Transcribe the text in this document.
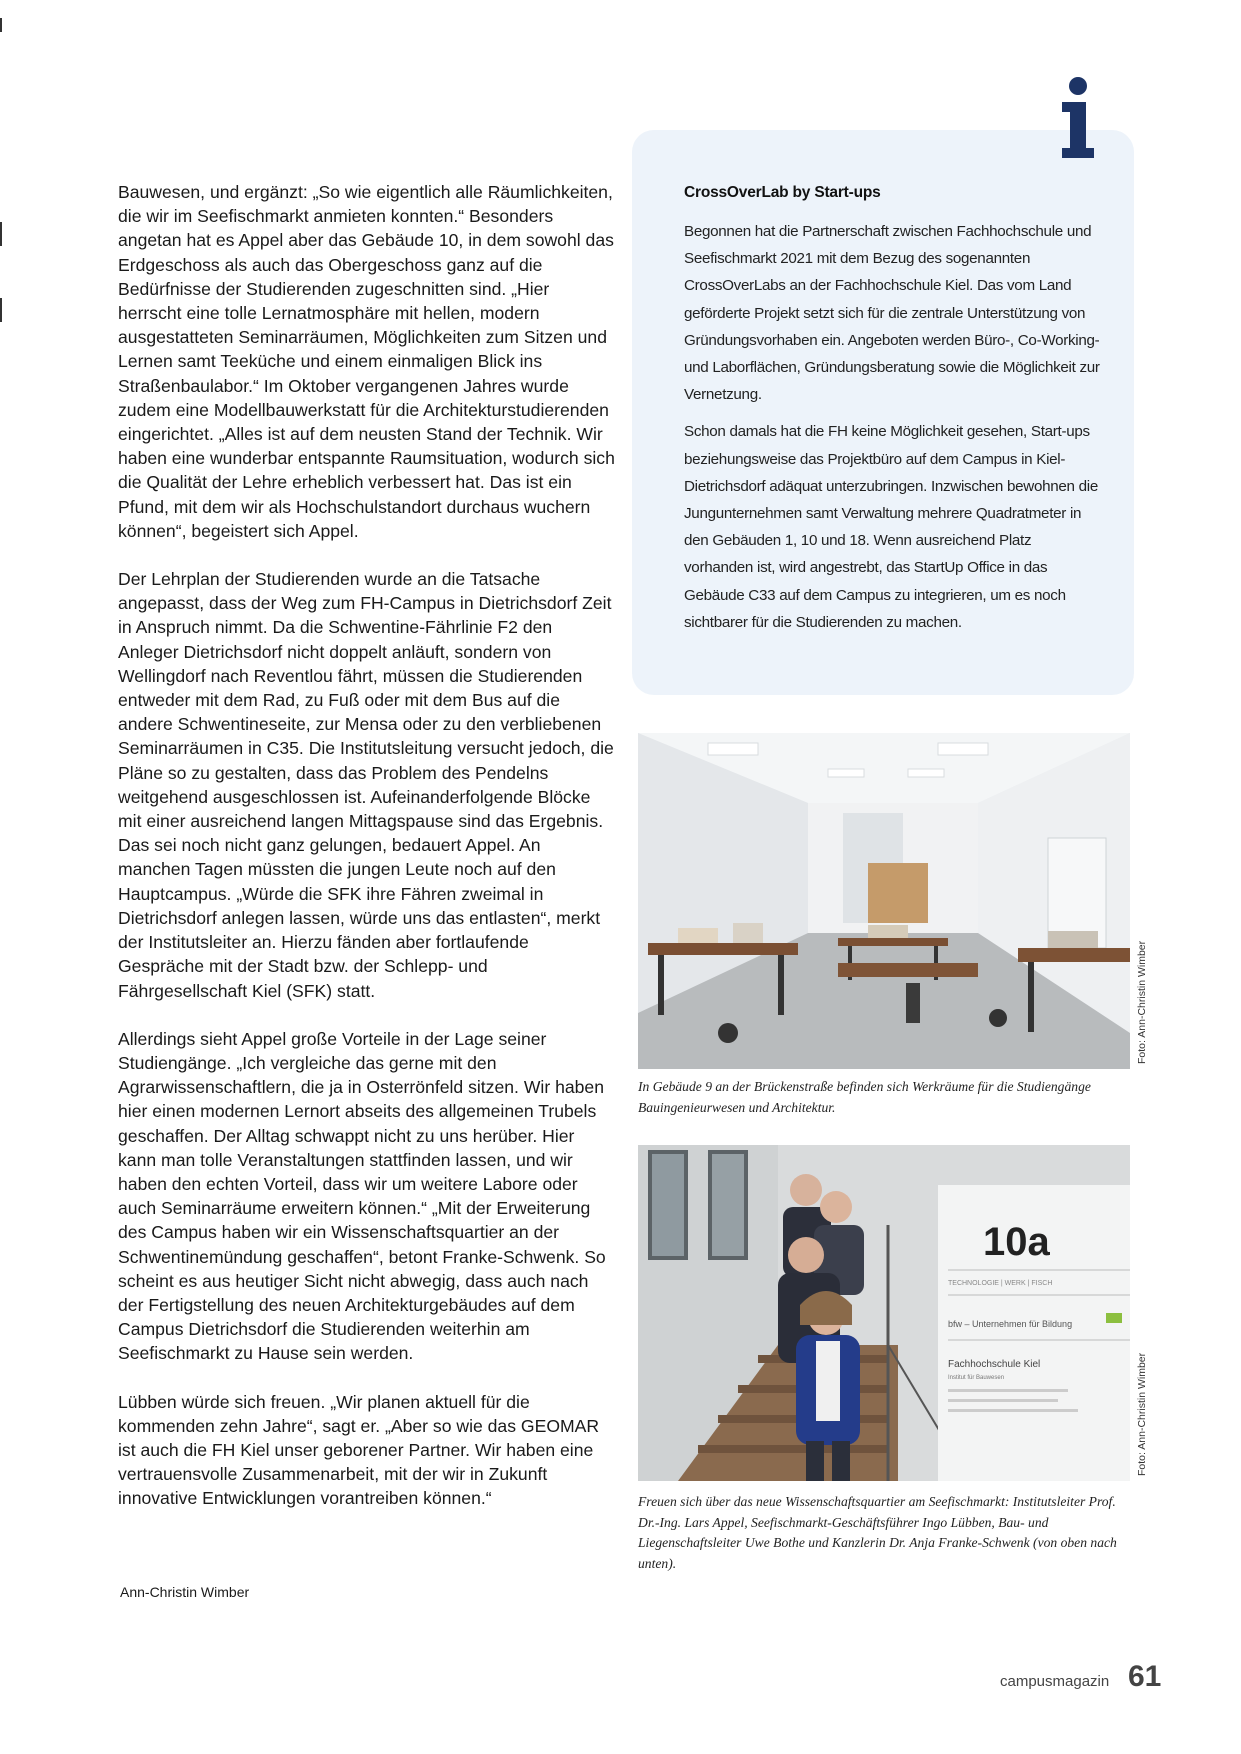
Bauwesen, und ergänzt: „So wie eigentlich alle Räumlichkeiten, die wir im Seefischmarkt anmieten konnten.“ Besonders angetan hat es Appel aber das Gebäude 10, in dem sowohl das Erdgeschoss als auch das Obergeschoss ganz auf die Bedürfnisse der Studierenden zugeschnitten sind. „Hier herrscht eine tolle Lernatmosphäre mit hellen, modern ausgestatteten Seminarräumen, Möglichkeiten zum Sitzen und Lernen samt Teeküche und einem einmaligen Blick ins Straßenbaulabor.“ Im Oktober vergangenen Jahres wurde zudem eine Modellbauwerkstatt für die Architekturstudierenden eingerichtet. „Alles ist auf dem neusten Stand der Technik. Wir haben eine wunderbar entspannte Raumsituation, wodurch sich die Qualität der Lehre erheblich verbessert hat. Das ist ein Pfund, mit dem wir als Hochschulstandort durchaus wuchern können“, begeistert sich Appel.

Der Lehrplan der Studierenden wurde an die Tatsache angepasst, dass der Weg zum FH-Campus in Dietrichsdorf Zeit in Anspruch nimmt. Da die Schwentine-Fährlinie F2 den Anleger Dietrichsdorf nicht doppelt anläuft, sondern von Wellingdorf nach Reventlou fährt, müssen die Studierenden entweder mit dem Rad, zu Fuß oder mit dem Bus auf die andere Schwentineseite, zur Mensa oder zu den verbliebenen Seminarräumen in C35. Die Institutsleitung versucht jedoch, die Pläne so zu gestalten, dass das Problem des Pendelns weitgehend ausgeschlossen ist. Aufeinanderfolgende Blöcke mit einer ausreichend langen Mittagspause sind das Ergebnis. Das sei noch nicht ganz gelungen, bedauert Appel. An manchen Tagen müssten die jungen Leute noch auf den Hauptcampus. „Würde die SFK ihre Fähren zweimal in Dietrichsdorf anlegen lassen, würde uns das entlasten“, merkt der Institutsleiter an. Hierzu fänden aber fortlaufende Gespräche mit der Stadt bzw. der Schlepp- und Fährgesellschaft Kiel (SFK) statt.

Allerdings sieht Appel große Vorteile in der Lage seiner Studiengänge. „Ich vergleiche das gerne mit den Agrarwissenschaftlern, die ja in Osterrönfeld sitzen. Wir haben hier einen modernen Lernort abseits des allgemeinen Trubels geschaffen. Der Alltag schwappt nicht zu uns herüber. Hier kann man tolle Veranstaltungen stattfinden lassen, und wir haben den echten Vorteil, dass wir um weitere Labore oder auch Seminarräume erweitern können.“ „Mit der Erweiterung des Campus haben wir ein Wissenschaftsquartier an der Schwentinemündung geschaffen“, betont Franke-Schwenk. So scheint es aus heutiger Sicht nicht abwegig, dass auch nach der Fertigstellung des neuen Architekturgebäudes auf dem Campus Dietrichsdorf die Studierenden weiterhin am Seefischmarkt zu Hause sein werden.

Lübben würde sich freuen. „Wir planen aktuell für die kommenden zehn Jahre“, sagt er. „Aber so wie das GEOMAR ist auch die FH Kiel unser geborener Partner. Wir haben eine vertrauensvolle Zusammenarbeit, mit der wir in Zukunft innovative Entwicklungen vorantreiben können.“

Ann-Christin Wimber
CrossOverLab by Start-ups

Begonnen hat die Partnerschaft zwischen Fachhochschule und Seefischmarkt 2021 mit dem Bezug des sogenannten CrossOverLabs an der Fachhochschule Kiel. Das vom Land geförderte Projekt setzt sich für die zentrale Unterstützung von Gründungsvorhaben ein. Angeboten werden Büro-, Co-Working- und Laborflächen, Gründungsberatung sowie die Möglichkeit zur Vernetzung.

Schon damals hat die FH keine Möglichkeit gesehen, Start-ups beziehungsweise das Projektbüro auf dem Campus in Kiel-Dietrichsdorf adäquat unterzubringen. Inzwischen bewohnen die Jungunternehmen samt Verwaltung mehrere Quadratmeter in den Gebäuden 1, 10 und 18. Wenn ausreichend Platz vorhanden ist, wird angestrebt, das StartUp Office in das Gebäude C33 auf dem Campus zu integrieren, um es noch sichtbarer für die Studierenden zu machen.

Foto: Ann-Christin Wimber
In Gebäude 9 an der Brückenstraße befinden sich Werkräume für die Studiengänge Bauingenieurwesen und Architektur.
10a
TECHNOLOGIE | WERK | FISCH
bfw – Unternehmen für Bildung
Fachhochschule Kiel
Institut für Bauwesen	Foto: Ann-Christin Wimber
Freuen sich über das neue Wissenschaftsquartier am Seefischmarkt: Institutsleiter Prof. Dr.-Ing. Lars Appel, Seefischmarkt-Geschäftsführer Ingo Lübben, Bau- und Liegenschaftsleiter Uwe Bothe und Kanzlerin Dr. Anja Franke-Schwenk (von oben nach unten).
campusmagazin 61
